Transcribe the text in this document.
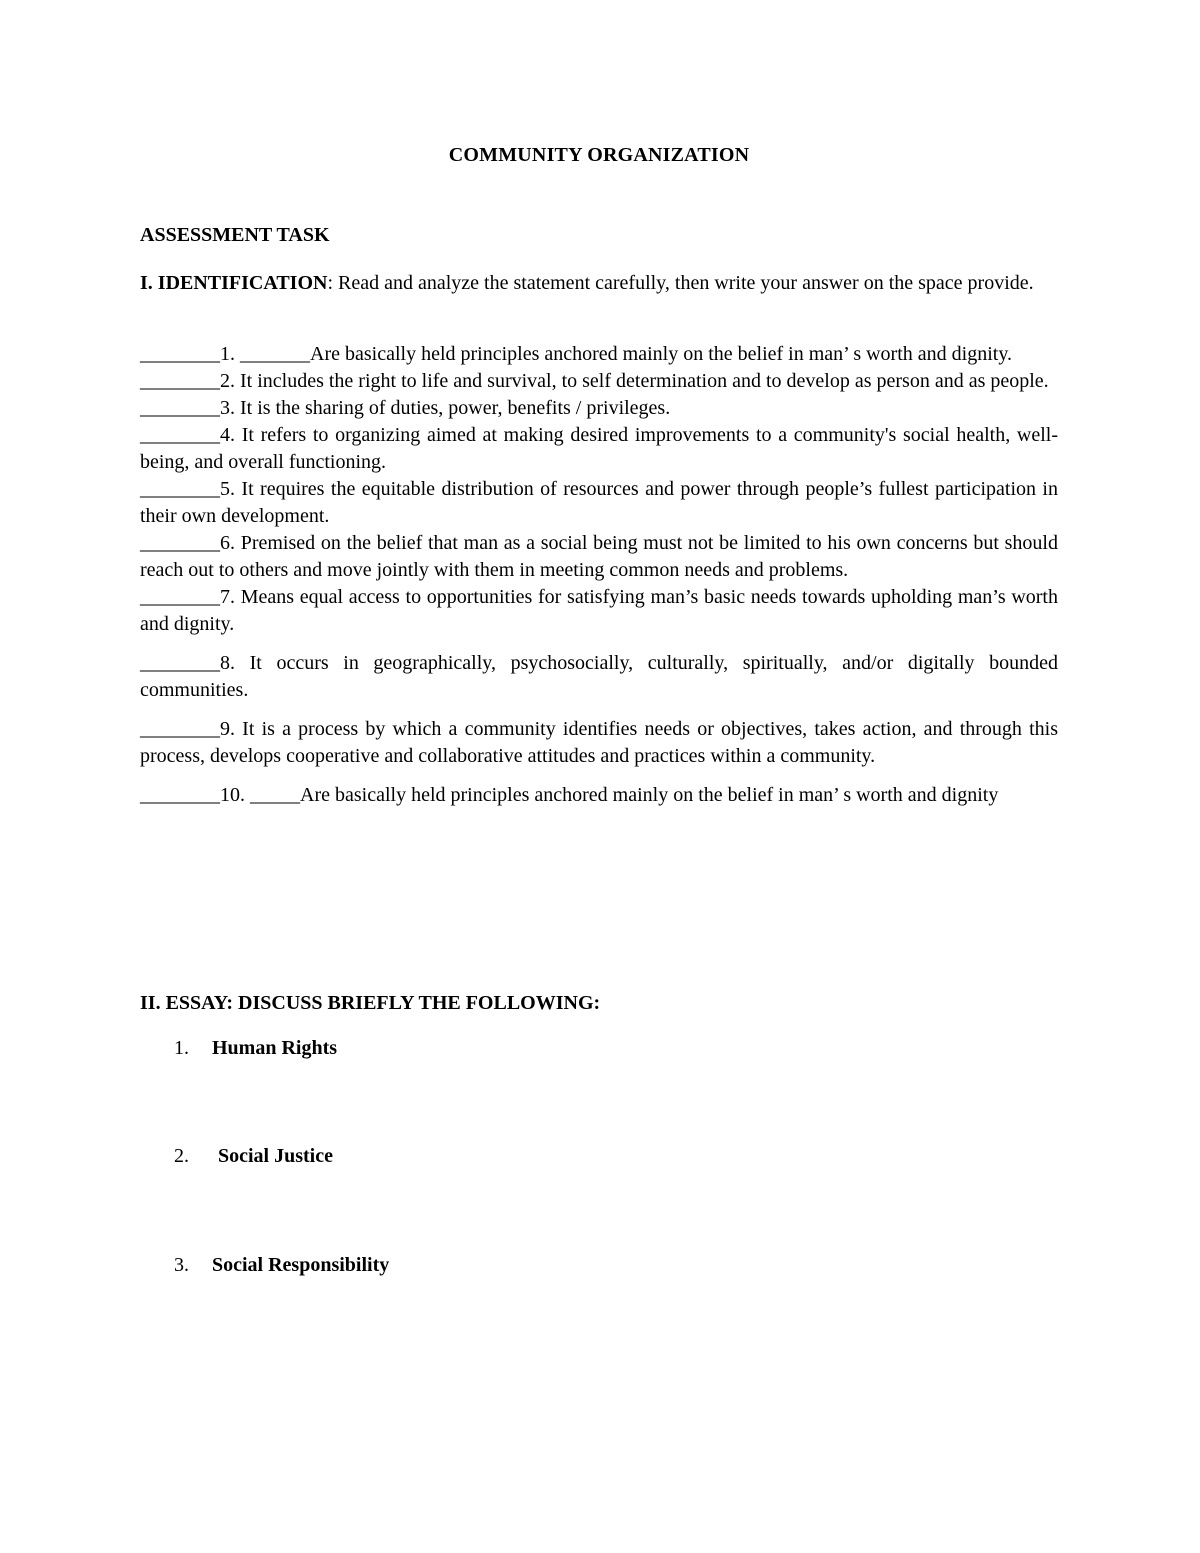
COMMUNITY ORGANIZATION
ASSESSMENT TASK
I. IDENTIFICATION: Read and analyze the statement carefully, then write your answer on the space provide.

________1. _______Are basically held principles anchored mainly on the belief in man’ s worth and dignity.

________2. It includes the right to life and survival, to self determination and to develop as person and as people.

________3. It is the sharing of duties, power, benefits / privileges.

________4. It refers to organizing aimed at making desired improvements to a community's social health, well-being, and overall functioning.

________5. It requires the equitable distribution of resources and power through people’s fullest participation in their own development.

________6. Premised on the belief that man as a social being must not be limited to his own concerns but should reach out to others and move jointly with them in meeting common needs and problems.

________7. Means equal access to opportunities for satisfying man’s basic needs towards upholding man’s worth and dignity.

________8. It occurs in geographically, psychosocially, culturally, spiritually, and/or digitally bounded communities.

________9. It is a process by which a community identifies needs or objectives, takes action, and through this process, develops cooperative and collaborative attitudes and practices within a community.

________10. _____Are basically held principles anchored mainly on the belief in man’ s worth and dignity

II. ESSAY: DISCUSS BRIEFLY THE FOLLOWING:
1. Human Rights
2. Social Justice
3. Social Responsibility
